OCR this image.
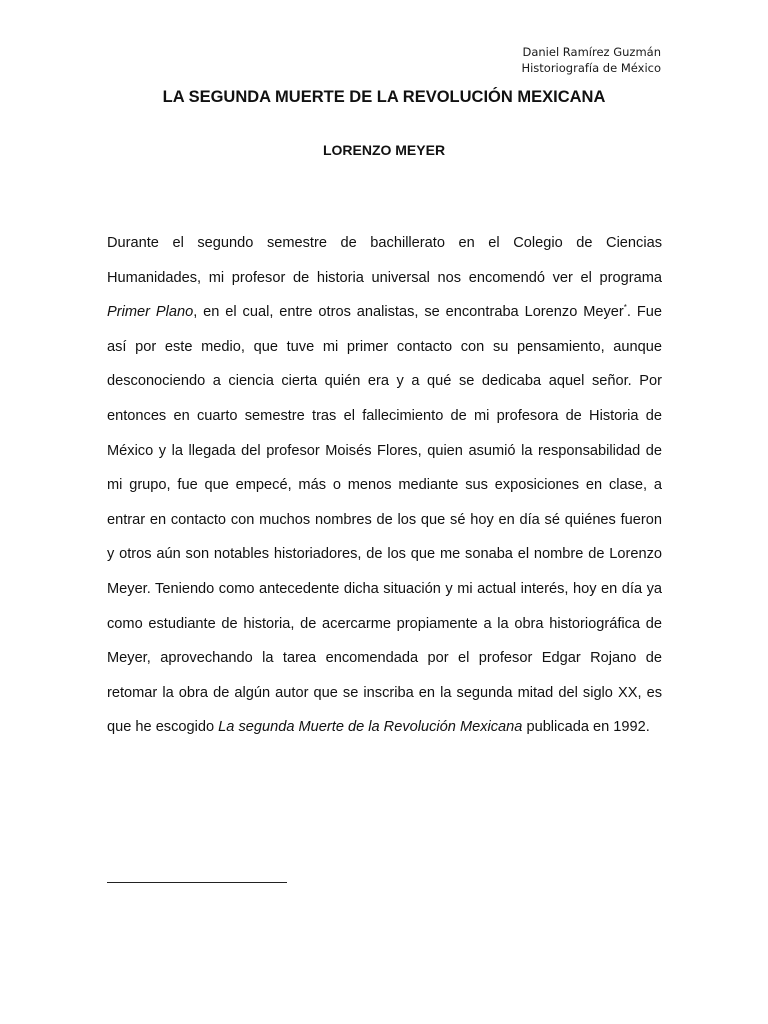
Daniel Ramírez Guzmán
Historiografía de México
LA SEGUNDA MUERTE DE LA REVOLUCIÓN MEXICANA
LORENZO MEYER

Durante el segundo semestre de bachillerato en el Colegio de Ciencias Humanidades, mi profesor de historia universal nos encomendó ver el programa Primer Plano, en el cual, entre otros analistas, se encontraba Lorenzo Meyer*. Fue así por este medio, que tuve mi primer contacto con su pensamiento, aunque desconociendo a ciencia cierta quién era y a qué se dedicaba aquel señor. Por entonces en cuarto semestre tras el fallecimiento de mi profesora de Historia de México y la llegada del profesor Moisés Flores, quien asumió la responsabilidad de mi grupo, fue que empecé, más o menos mediante sus exposiciones en clase, a entrar en contacto con muchos nombres de los que sé hoy en día sé quiénes fueron y otros aún son notables historiadores, de los que me sonaba el nombre de Lorenzo Meyer. Teniendo como antecedente dicha situación y mi actual interés, hoy en día ya como estudiante de historia, de acercarme propiamente a la obra historiográfica de Meyer, aprovechando la tarea encomendada por el profesor Edgar Rojano de retomar la obra de algún autor que se inscriba en la segunda mitad del siglo XX, es que he escogido La segunda Muerte de la Revolución Mexicana publicada en 1992.
